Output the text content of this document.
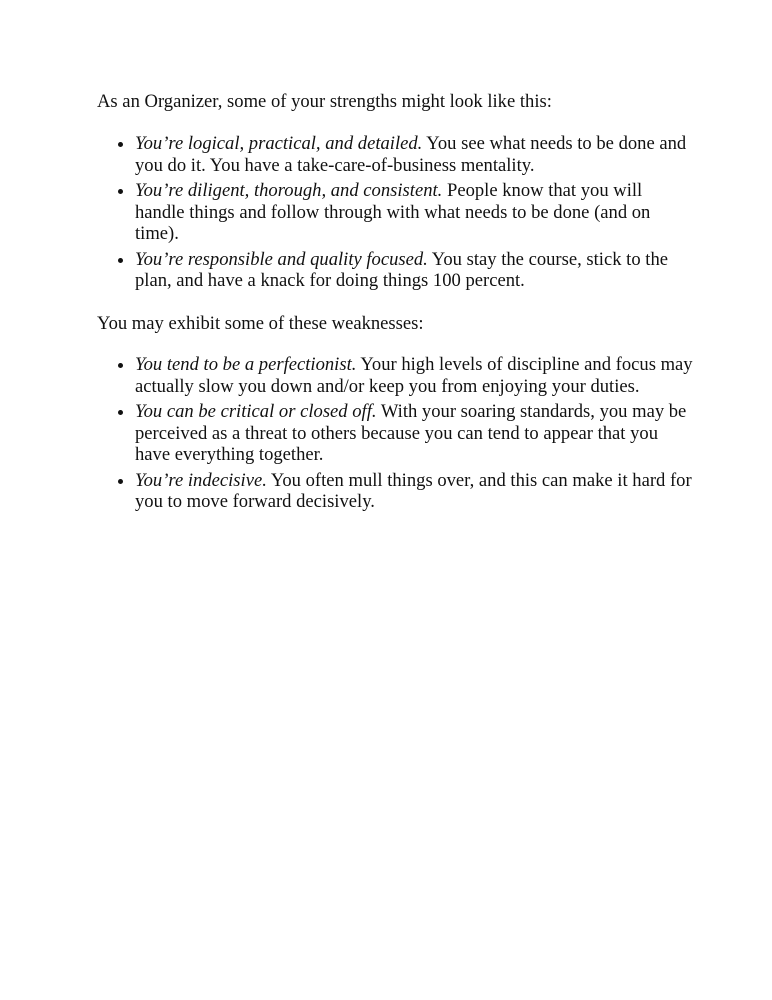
As an Organizer, some of your strengths might look like this:

You’re logical, practical, and detailed. You see what needs to be done and you do it. You have a take-care-of-business mentality.
You’re diligent, thorough, and consistent. People know that you will handle things and follow through with what needs to be done (and on time).
You’re responsible and quality focused. You stay the course, stick to the plan, and have a knack for doing things 100 percent.

You may exhibit some of these weaknesses:

You tend to be a perfectionist. Your high levels of discipline and focus may actually slow you down and/or keep you from enjoying your duties.
You can be critical or closed off. With your soaring standards, you may be perceived as a threat to others because you can tend to appear that you have everything together.
You’re indecisive. You often mull things over, and this can make it hard for you to move forward decisively.
